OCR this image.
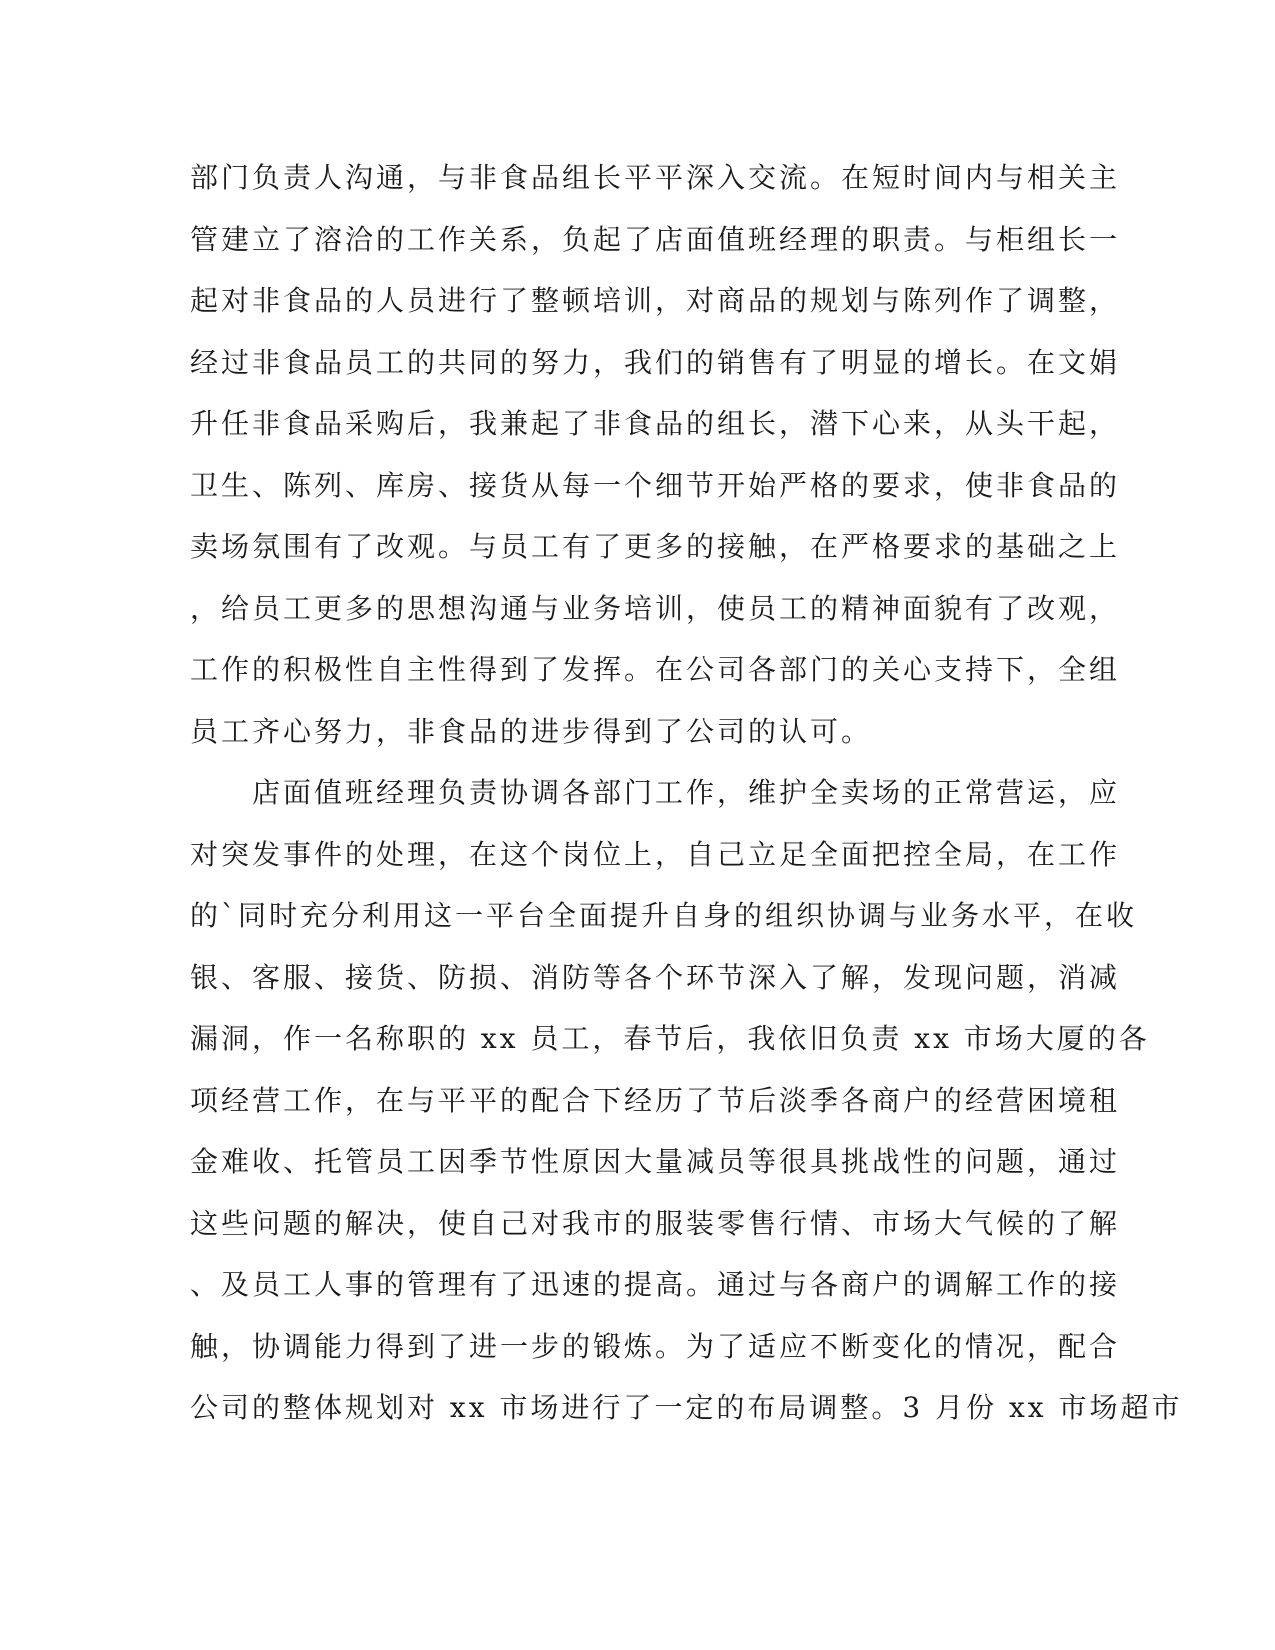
部门负责人沟通，与非食品组长平平深入交流。在短时间内与相关主
管建立了溶洽的工作关系，负起了店面值班经理的职责。与柜组长一
起对非食品的人员进行了整顿培训，对商品的规划与陈列作了调整，
经过非食品员工的共同的努力，我们的销售有了明显的增长。在文娟
升任非食品采购后，我兼起了非食品的组长，潜下心来，从头干起，
卫生、陈列、库房、接货从每一个细节开始严格的要求，使非食品的
卖场氛围有了改观。与员工有了更多的接触，在严格要求的基础之上
，给员工更多的思想沟通与业务培训，使员工的精神面貌有了改观，
工作的积极性自主性得到了发挥。在公司各部门的关心支持下，全组
员工齐心努力，非食品的进步得到了公司的认可。
　　店面值班经理负责协调各部门工作，维护全卖场的正常营运，应
对突发事件的处理，在这个岗位上，自己立足全面把控全局，在工作
的`同时充分利用这一平台全面提升自身的组织协调与业务水平，在收
银、客服、接货、防损、消防等各个环节深入了解，发现问题，消减
漏洞，作一名称职的 xx 员工，春节后，我依旧负责 xx 市场大厦的各
项经营工作，在与平平的配合下经历了节后淡季各商户的经营困境租
金难收、托管员工因季节性原因大量减员等很具挑战性的问题，通过
这些问题的解决，使自己对我市的服装零售行情、市场大气候的了解
、及员工人事的管理有了迅速的提高。通过与各商户的调解工作的接
触，协调能力得到了进一步的锻炼。为了适应不断变化的情况，配合
公司的整体规划对 xx 市场进行了一定的布局调整。3 月份 xx 市场超市
